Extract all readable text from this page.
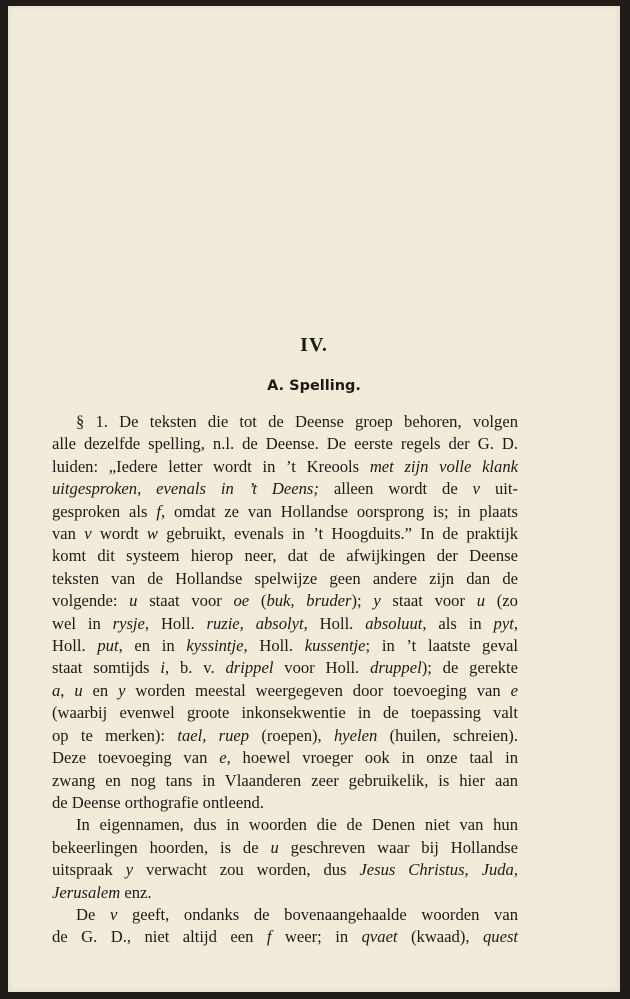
IV.
A. Spelling.
§ 1. De teksten die tot de Deense groep behoren, volgen
alle dezelfde spelling, n.l. de Deense. De eerste regels der G. D.
luiden: „Iedere letter wordt in ’t Kreools met zijn volle klank
uitgesproken, evenals in ’t Deens; alleen wordt de v uit-
gesproken als f, omdat ze van Hollandse oorsprong is; in plaats
van v wordt w gebruikt, evenals in ’t Hoogduits.” In de praktijk
komt dit systeem hierop neer, dat de afwijkingen der Deense
teksten van de Hollandse spelwijze geen andere zijn dan de
volgende: u staat voor oe (buk, bruder); y staat voor u (zo
wel in rysje, Holl. ruzie, absolyt, Holl. absoluut, als in pyt,
Holl. put, en in kyssintje, Holl. kussentje; in ’t laatste geval
staat somtijds i, b. v. drippel voor Holl. druppel); de gerekte
a, u en y worden meestal weergegeven door toevoeging van e
(waarbij evenwel groote inkonsekwentie in de toepassing valt
op te merken): tael, ruep (roepen), hyelen (huilen, schreien).
Deze toevoeging van e, hoewel vroeger ook in onze taal in
zwang en nog tans in Vlaanderen zeer gebruikelik, is hier aan
de Deense orthografie ontleend.
In eigennamen, dus in woorden die de Denen niet van hun
bekeerlingen hoorden, is de u geschreven waar bij Hollandse
uitspraak y verwacht zou worden, dus Jesus Christus, Juda,
Jerusalem enz.
De v geeft, ondanks de bovenaangehaalde woorden van
de G. D., niet altijd een f weer; in qvaet (kwaad), quest
